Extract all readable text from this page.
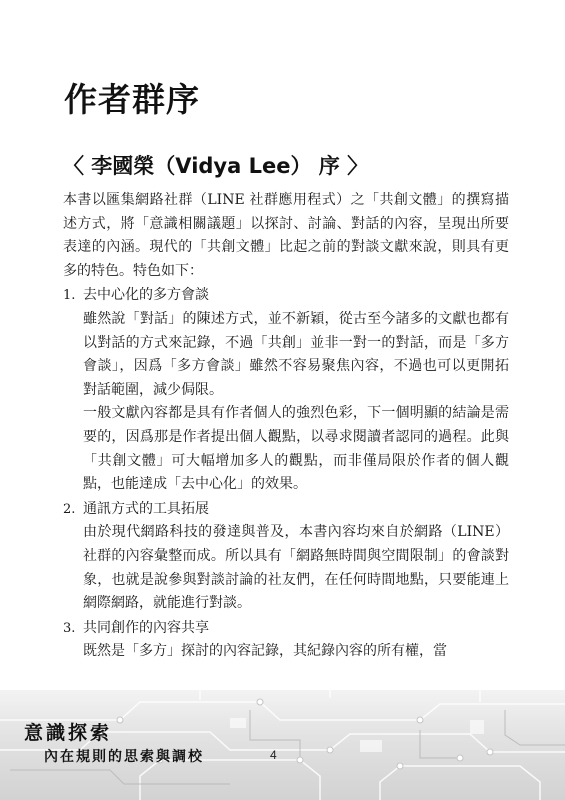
作者群序
〈 李國榮（Vidya Lee） 序 〉

本書以匯集網路社群（LINE 社群應用程式）之「共創文體」的撰寫描述方式，將「意識相關議題」以探討、討論、對話的內容，呈現出所要表達的內涵。現代的「共創文體」比起之前的對談文獻來說，則具有更多的特色。特色如下：

1. 去中心化的多方會談

雖然說「對話」的陳述方式，並不新穎，從古至今諸多的文獻也都有以對話的方式來記錄，不過「共創」並非一對一的對話，而是「多方會談」，因爲「多方會談」雖然不容易聚焦內容，不過也可以更開拓對話範圍，減少侷限。

一般文獻內容都是具有作者個人的強烈色彩，下一個明顯的結論是需要的，因爲那是作者提出個人觀點，以尋求閱讀者認同的過程。此與「共創文體」可大幅增加多人的觀點，而非僅局限於作者的個人觀點，也能達成「去中心化」的效果。

2. 通訊方式的工具拓展

由於現代網路科技的發達與普及，本書內容均來自於網路（LINE）社群的內容彙整而成。所以具有「網路無時間與空間限制」的會談對象，也就是說參與對談討論的社友們，在任何時間地點，只要能連上網際網路，就能進行對談。

3. 共同創作的內容共享

既然是「多方」探討的內容記錄，其紀錄內容的所有權，當

意識探索
內在規則的思索與調校	4
